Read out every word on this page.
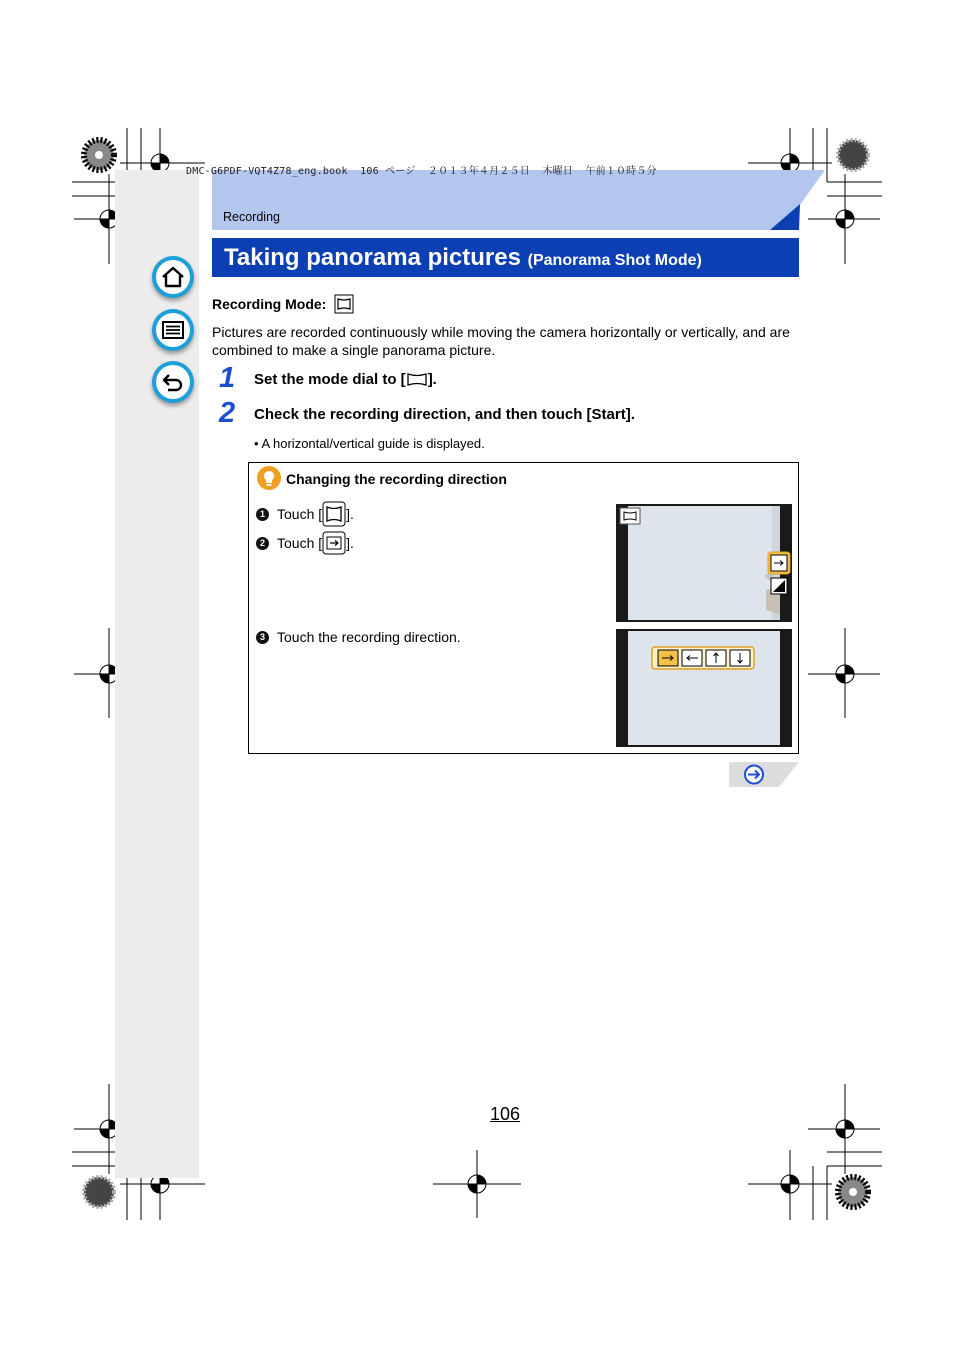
DMC-G6PDF-VQT4Z78_eng.book  106 ページ  ２０１３年４月２５日  木曜日  午前１０時５分
Recording
Taking panorama pictures (Panorama Shot Mode)
Recording Mode:
Pictures are recorded continuously while moving the camera horizontally or vertically, and are combined to make a single panorama picture.
1 Set the mode dial to [ ].
2 Check the recording direction, and then touch [Start].
• A horizontal/vertical guide is displayed.
Changing the recording direction
1 Touch [ ].
2 Touch [ ].
3 Touch the recording direction.
106
